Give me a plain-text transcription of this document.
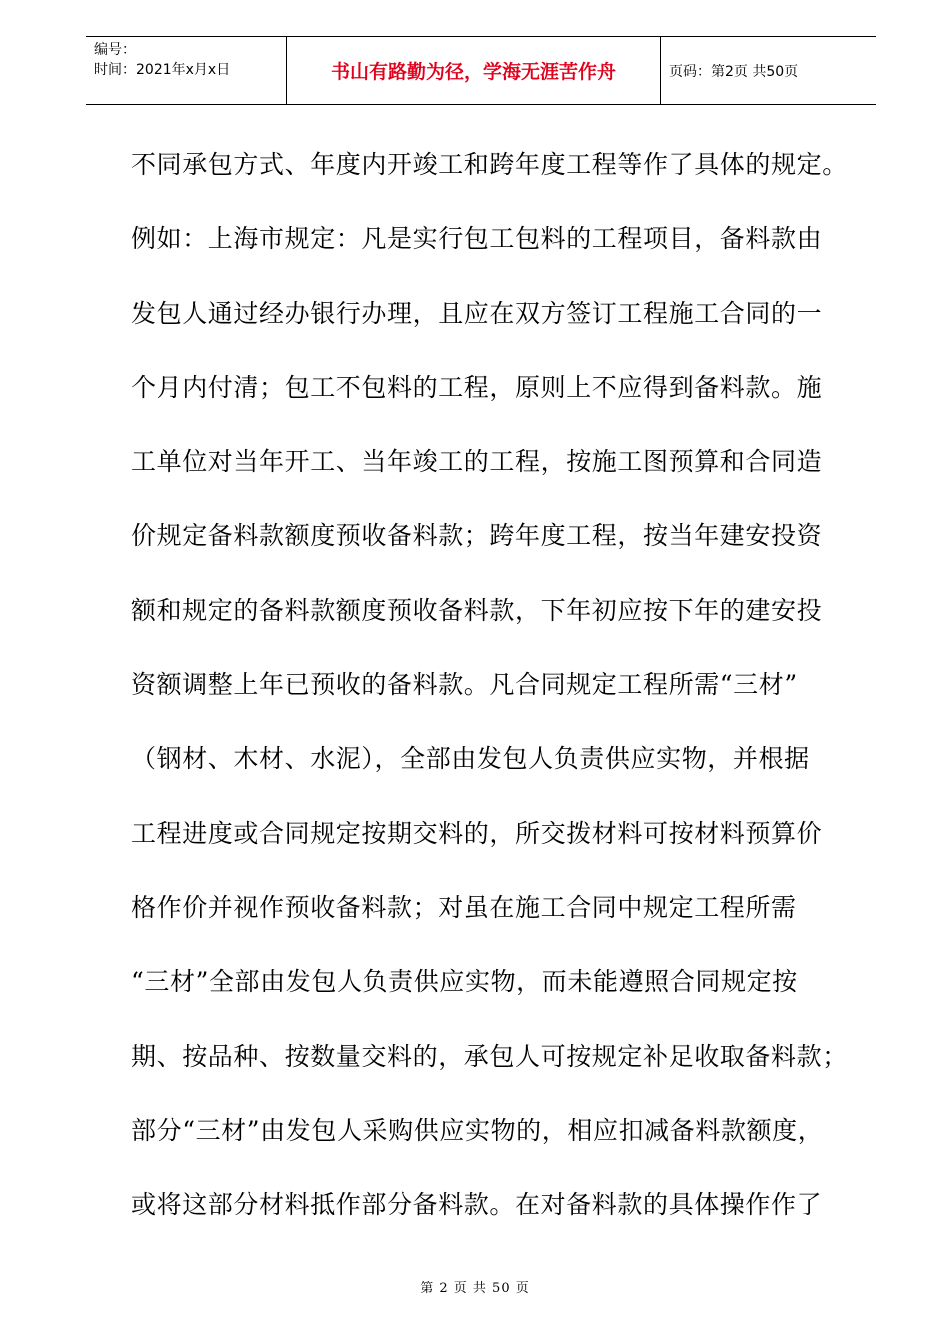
编号：
时间：2021年x月x日	书山有路勤为径，学海无涯苦作舟	页码：第2页 共50页
不同承包方式、年度内开竣工和跨年度工程等作了具体的规定。
例如：上海市规定：凡是实行包工包料的工程项目，备料款由
发包人通过经办银行办理，且应在双方签订工程施工合同的一
个月内付清；包工不包料的工程，原则上不应得到备料款。施
工单位对当年开工、当年竣工的工程，按施工图预算和合同造
价规定备料款额度预收备料款；跨年度工程，按当年建安投资
额和规定的备料款额度预收备料款，下年初应按下年的建安投
资额调整上年已预收的备料款。凡合同规定工程所需“三材”
（钢材、木材、水泥），全部由发包人负责供应实物，并根据
工程进度或合同规定按期交料的，所交拨材料可按材料预算价
格作价并视作预收备料款；对虽在施工合同中规定工程所需
“三材”全部由发包人负责供应实物，而未能遵照合同规定按
期、按品种、按数量交料的，承包人可按规定补足收取备料款；
部分“三材”由发包人采购供应实物的，相应扣减备料款额度，
或将这部分材料抵作部分备料款。在对备料款的具体操作作了
第 2 页 共 50 页
